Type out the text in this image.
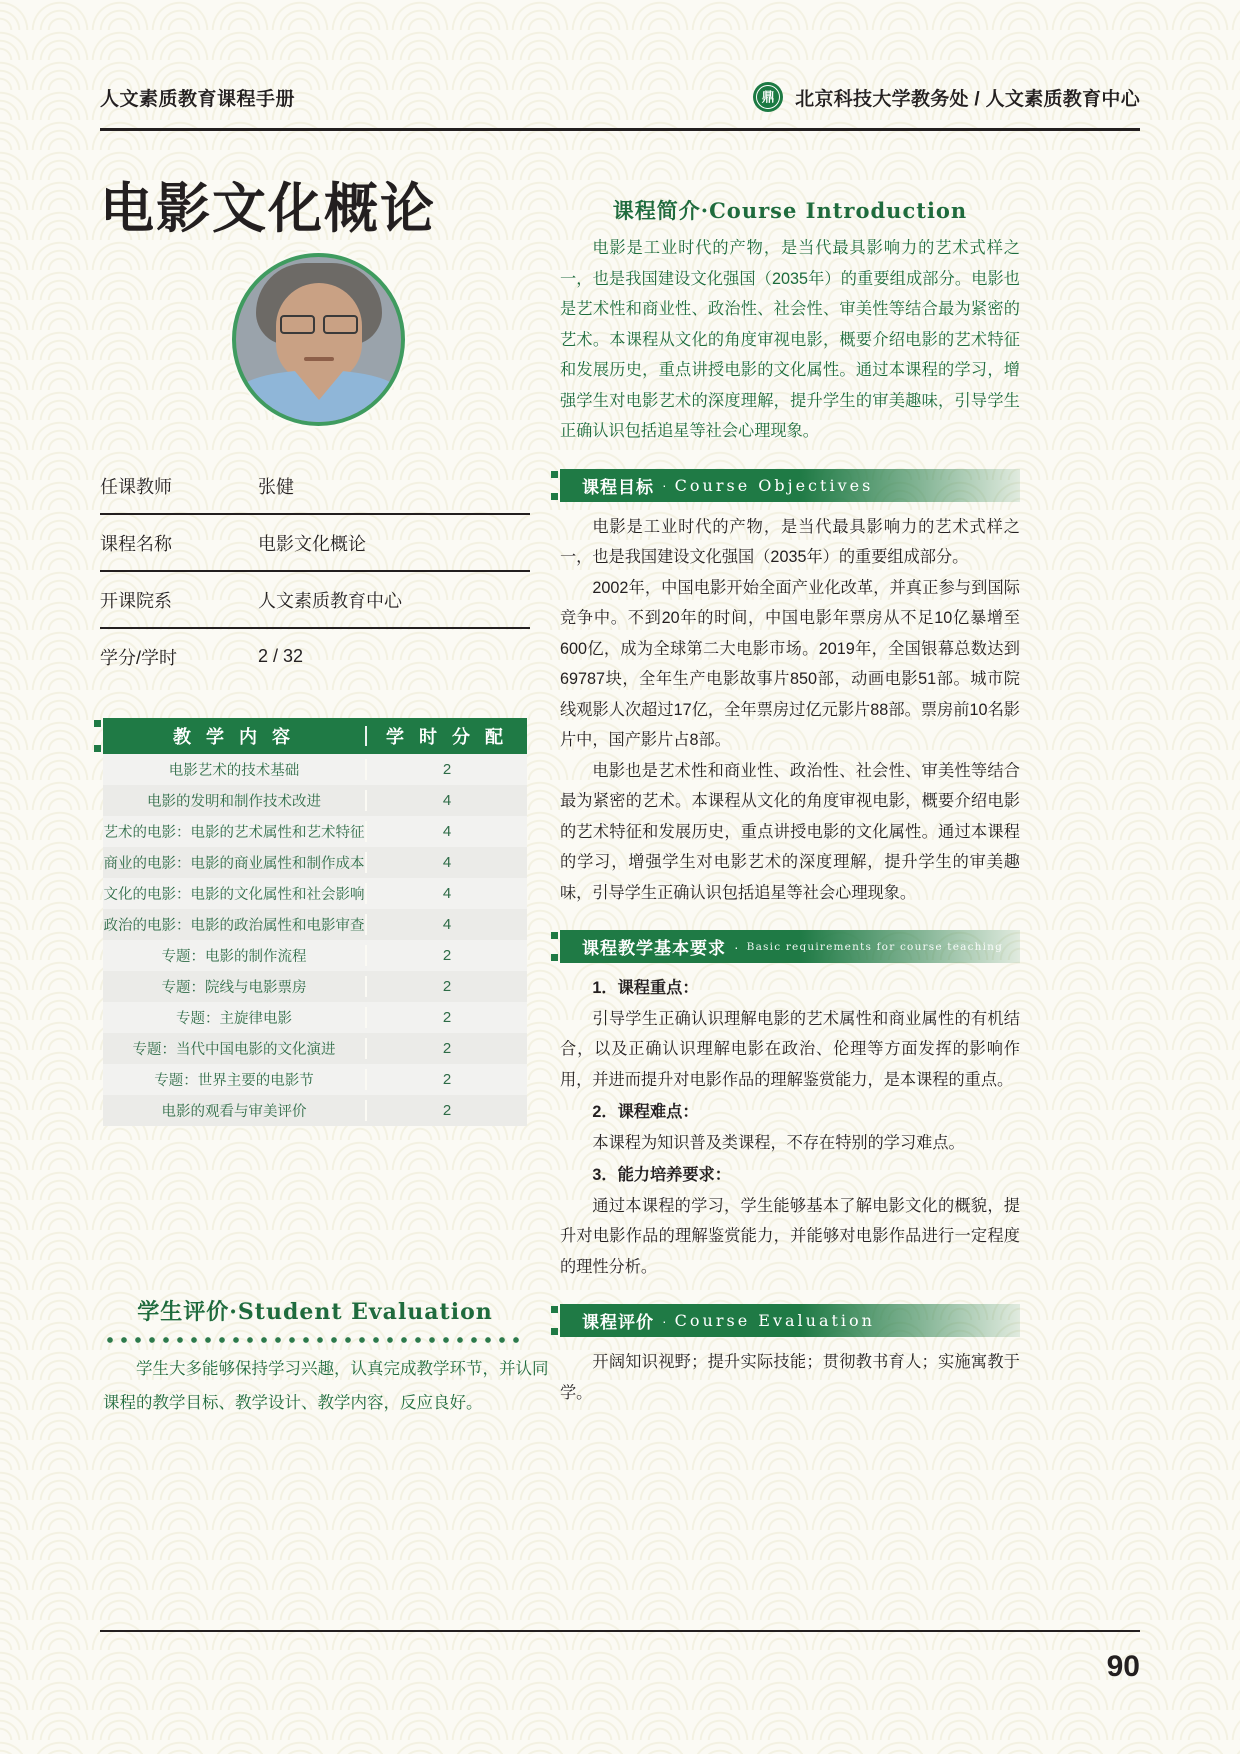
人文素质教育课程手册	鼎 北京科技大学教务处 / 人文素质教育中心
电影文化概论
任课教师	张健
课程名称	电影文化概论
开课院系	人文素质教育中心
学分/学时	2 / 32
教 学 内 容	学 时 分 配
电影艺术的技术基础	2
电影的发明和制作技术改进	4
艺术的电影：电影的艺术属性和艺术特征	4
商业的电影：电影的商业属性和制作成本	4
文化的电影：电影的文化属性和社会影响	4
政治的电影：电影的政治属性和电影审查	4
专题：电影的制作流程	2
专题：院线与电影票房	2
专题：主旋律电影	2
专题：当代中国电影的文化演进	2
专题：世界主要的电影节	2
电影的观看与审美评价	2
学生评价·Student Evaluation
学生大多能够保持学习兴趣，认真完成教学环节，并认同课程的教学目标、教学设计、教学内容，反应良好。
课程简介·Course Introduction

电影是工业时代的产物，是当代最具影响力的艺术式样之一，也是我国建设文化强国（2035年）的重要组成部分。电影也是艺术性和商业性、政治性、社会性、审美性等结合最为紧密的艺术。本课程从文化的角度审视电影，概要介绍电影的艺术特征和发展历史，重点讲授电影的文化属性。通过本课程的学习，增强学生对电影艺术的深度理解，提升学生的审美趣味，引导学生正确认识包括追星等社会心理现象。

课程目标 · Course Objectives

电影是工业时代的产物，是当代最具影响力的艺术式样之一，也是我国建设文化强国（2035年）的重要组成部分。

2002年，中国电影开始全面产业化改革，并真正参与到国际竞争中。不到20年的时间，中国电影年票房从不足10亿暴增至600亿，成为全球第二大电影市场。2019年，全国银幕总数达到69787块，全年生产电影故事片850部，动画电影51部。城市院线观影人次超过17亿，全年票房过亿元影片88部。票房前10名影片中，国产影片占8部。

电影也是艺术性和商业性、政治性、社会性、审美性等结合最为紧密的艺术。本课程从文化的角度审视电影，概要介绍电影的艺术特征和发展历史，重点讲授电影的文化属性。通过本课程的学习，增强学生对电影艺术的深度理解，提升学生的审美趣味，引导学生正确认识包括追星等社会心理现象。

课程教学基本要求 · Basic requirements for course teaching

1．课程重点：

引导学生正确认识理解电影的艺术属性和商业属性的有机结合，以及正确认识理解电影在政治、伦理等方面发挥的影响作用，并进而提升对电影作品的理解鉴赏能力，是本课程的重点。

2．课程难点：

本课程为知识普及类课程，不存在特别的学习难点。

3．能力培养要求：

通过本课程的学习，学生能够基本了解电影文化的概貌，提升对电影作品的理解鉴赏能力，并能够对电影作品进行一定程度的理性分析。

课程评价 · Course Evaluation

开阔知识视野；提升实际技能；贯彻教书育人；实施寓教于学。

90
